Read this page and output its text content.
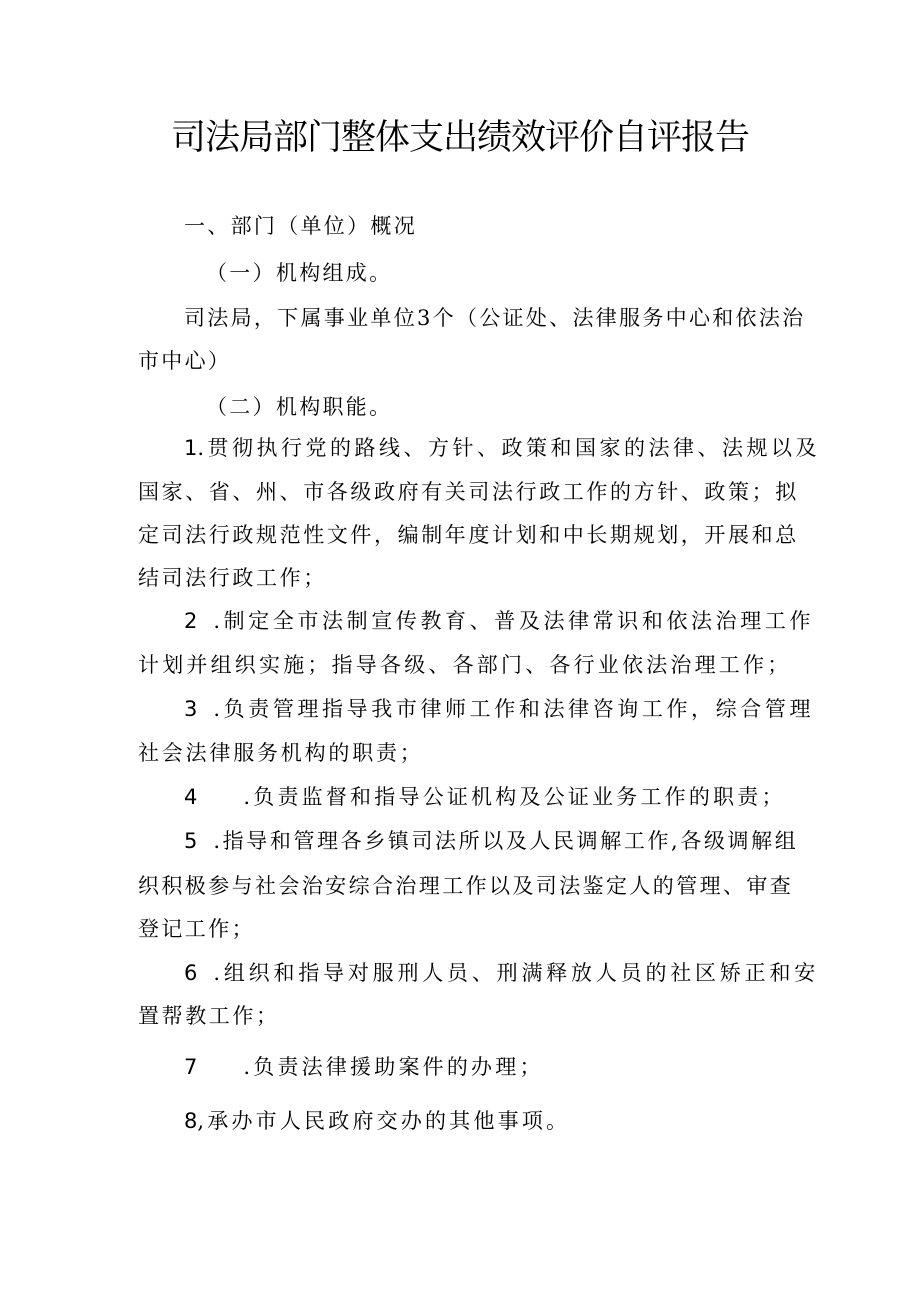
司法局部门整体支出绩效评价自评报告
一、部门（单位）概况
（一）机构组成。
司法局，下属事业单位3个（公证处、法律服务中心和依法治
市中心）
（二）机构职能。
1.贯彻执行党的路线、方针、政策和国家的法律、法规以及
国家、省、州、市各级政府有关司法行政工作的方针、政策；拟
定司法行政规范性文件，编制年度计划和中长期规划，开展和总
结司法行政工作；
2 .制定全市法制宣传教育、普及法律常识和依法治理工作
计划并组织实施；指导各级、各部门、各行业依法治理工作；
3 .负责管理指导我市律师工作和法律咨询工作，综合管理
社会法律服务机构的职责；
4 .负责监督和指导公证机构及公证业务工作的职责；
5 .指导和管理各乡镇司法所以及人民调解工作,各级调解组
织积极参与社会治安综合治理工作以及司法鉴定人的管理、审查
登记工作；
6 .组织和指导对服刑人员、刑满释放人员的社区矫正和安
置帮教工作；
7 .负责法律援助案件的办理；
8,承办市人民政府交办的其他事项。
